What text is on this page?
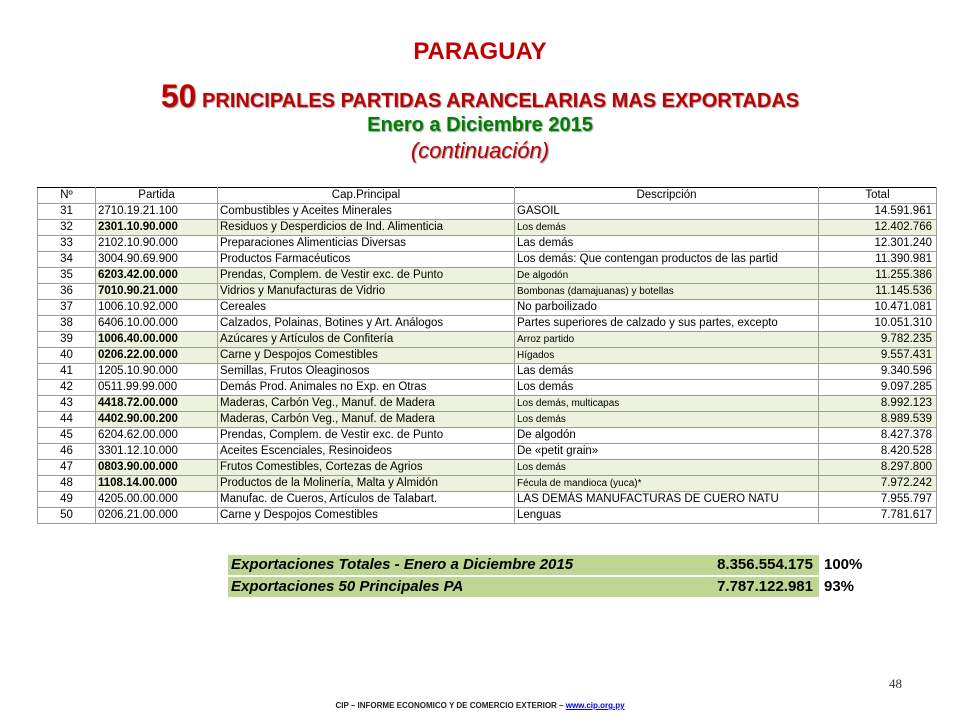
PARAGUAY
50 PRINCIPALES PARTIDAS ARANCELARIAS MAS EXPORTADAS
Enero a Diciembre 2015
(continuación)
Nº	Partida	Cap.Principal	Descripción	Total
31	2710.19.21.100	Combustibles y Aceites Minerales	GASOIL	14.591.961
32	2301.10.90.000	Residuos y Desperdicios de Ind. Alimenticia	Los demás	12.402.766
33	2102.10.90.000	Preparaciones Alimenticias Diversas	Las demás	12.301.240
34	3004.90.69.900	Productos Farmacéuticos	Los demás: Que contengan productos de las partid	11.390.981
35	6203.42.00.000	Prendas, Complem. de Vestir exc. de Punto	De algodón	11.255.386
36	7010.90.21.000	Vidrios y Manufacturas de Vidrio	Bombonas (damajuanas) y botellas	11.145.536
37	1006.10.92.000	Cereales	No parboilizado	10.471.081
38	6406.10.00.000	Calzados, Polainas, Botines y Art. Análogos	Partes superiores de calzado y sus partes, excepto	10.051.310
39	1006.40.00.000	Azúcares y Artículos de Confitería	Arroz partido	9.782.235
40	0206.22.00.000	Carne y Despojos Comestibles	Hígados	9.557.431
41	1205.10.90.000	Semillas, Frutos Oleaginosos	Las demás	9.340.596
42	0511.99.99.000	Demás Prod. Animales no Exp. en Otras	Los demás	9.097.285
43	4418.72.00.000	Maderas, Carbón Veg., Manuf. de Madera	Los demás, multicapas	8.992.123
44	4402.90.00.200	Maderas, Carbón Veg., Manuf. de Madera	Los demás	8.989.539
45	6204.62.00.000	Prendas, Complem. de Vestir exc. de Punto	De algodón	8.427.378
46	3301.12.10.000	Aceites Escenciales, Resinoideos	De «petit grain»	8.420.528
47	0803.90.00.000	Frutos Comestibles, Cortezas de Agrios	Los demás	8.297.800
48	1108.14.00.000	Productos de la Molinería, Malta y Almidón	Fécula de mandioca (yuca)*	7.972.242
49	4205.00.00.000	Manufac. de Cueros, Artículos de Talabart.	LAS DEMÁS MANUFACTURAS DE CUERO NATU	7.955.797
50	0206.21.00.000	Carne y Despojos Comestibles	Lenguas	7.781.617
Exportaciones Totales - Enero a Diciembre 2015	8.356.554.175 100%
Exportaciones 50 Principales PA	7.787.122.981 93%
48
CIP – INFORME ECONOMICO Y DE COMERCIO EXTERIOR – www.cip.org.py
